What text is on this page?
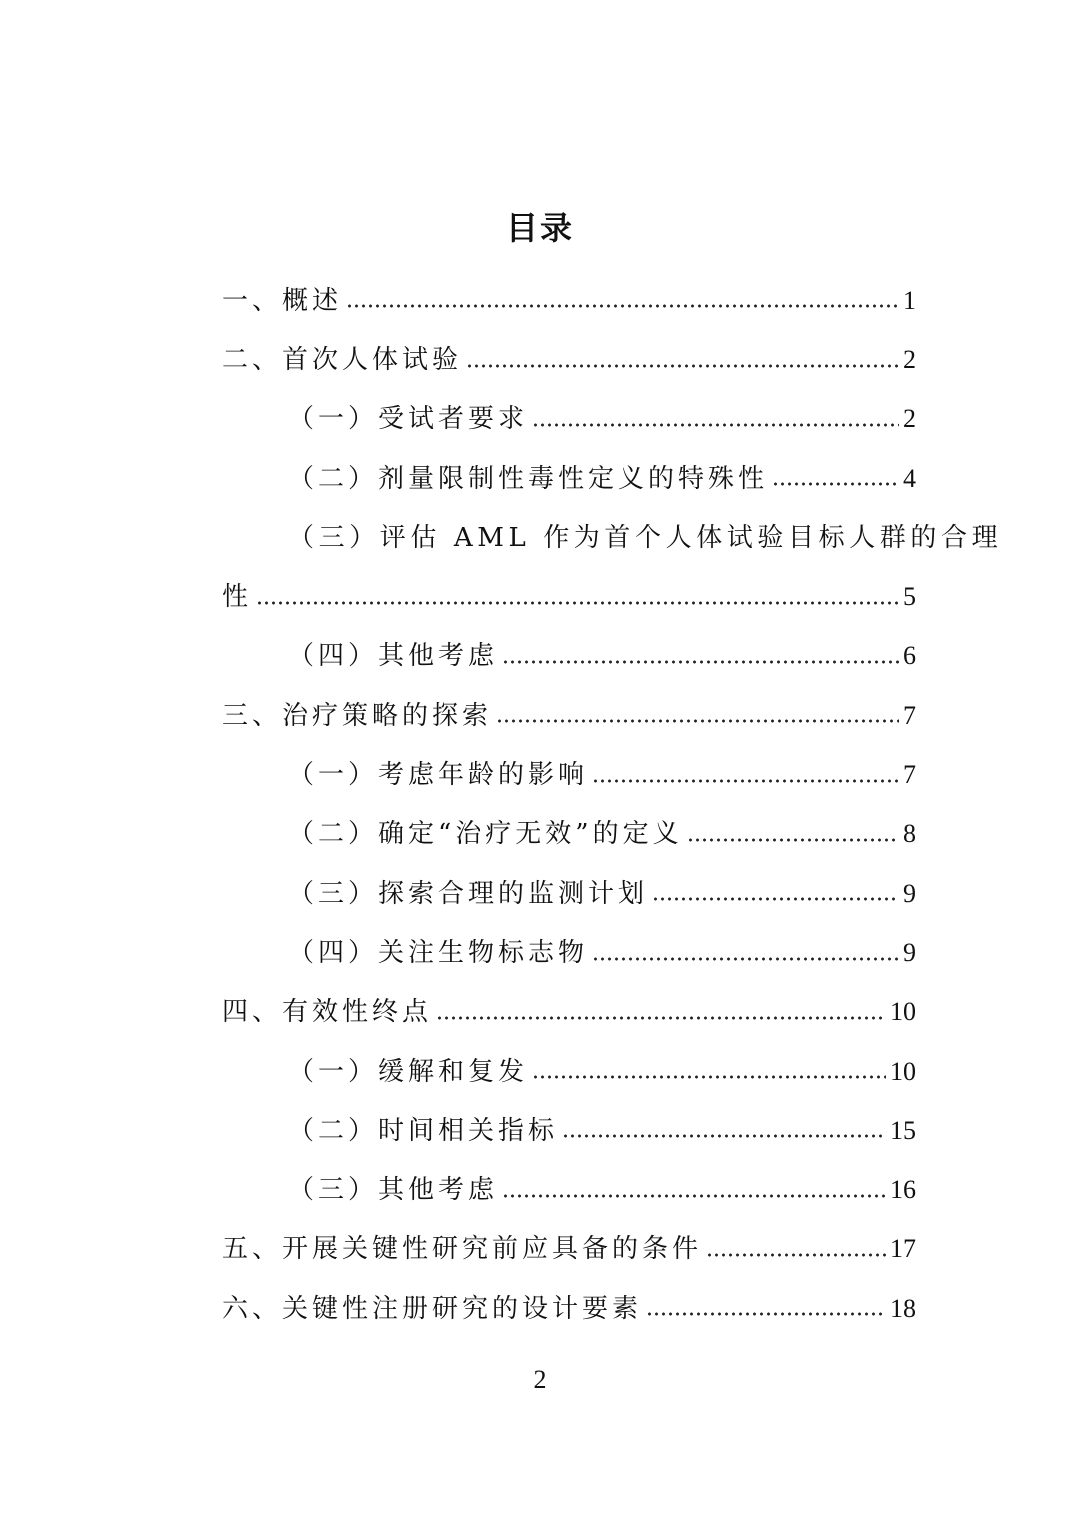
目录
一、概述	1
二、首次人体试验	2
（一）受试者要求	2
（二）剂量限制性毒性定义的特殊性	4
（三）评估 AML 作为首个人体试验目标人群的合理
性	5
（四）其他考虑	6
三、治疗策略的探索	7
（一）考虑年龄的影响	7
（二）确定“治疗无效”的定义	8
（三）探索合理的监测计划	9
（四）关注生物标志物	9
四、有效性终点	10
（一）缓解和复发	10
（二）时间相关指标	15
（三）其他考虑	16
五、开展关键性研究前应具备的条件	17
六、关键性注册研究的设计要素	18
2
